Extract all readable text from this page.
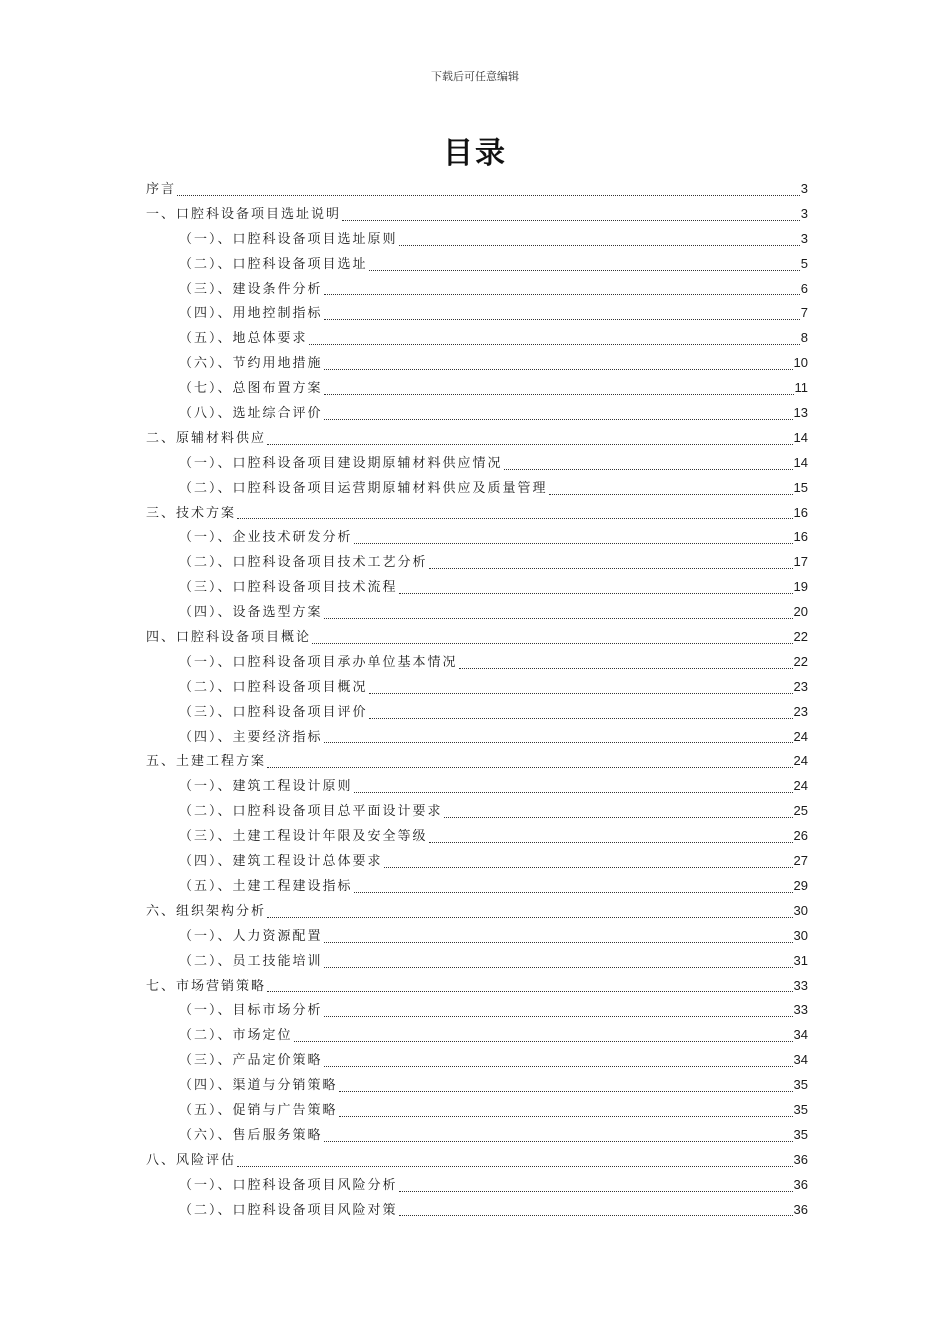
下载后可任意编辑
目录
序言	3
一、口腔科设备项目选址说明	3
（一）、口腔科设备项目选址原则	3
（二）、口腔科设备项目选址	5
（三）、建设条件分析	6
（四）、用地控制指标	7
（五）、地总体要求	8
（六）、节约用地措施	10
（七）、总图布置方案	11
（八）、选址综合评价	13
二、原辅材料供应	14
（一）、口腔科设备项目建设期原辅材料供应情况	14
（二）、口腔科设备项目运营期原辅材料供应及质量管理	15
三、技术方案	16
（一）、企业技术研发分析	16
（二）、口腔科设备项目技术工艺分析	17
（三）、口腔科设备项目技术流程	19
（四）、设备选型方案	20
四、口腔科设备项目概论	22
（一）、口腔科设备项目承办单位基本情况	22
（二）、口腔科设备项目概况	23
（三）、口腔科设备项目评价	23
（四）、主要经济指标	24
五、土建工程方案	24
（一）、建筑工程设计原则	24
（二）、口腔科设备项目总平面设计要求	25
（三）、土建工程设计年限及安全等级	26
（四）、建筑工程设计总体要求	27
（五）、土建工程建设指标	29
六、组织架构分析	30
（一）、人力资源配置	30
（二）、员工技能培训	31
七、市场营销策略	33
（一）、目标市场分析	33
（二）、市场定位	34
（三）、产品定价策略	34
（四）、渠道与分销策略	35
（五）、促销与广告策略	35
（六）、售后服务策略	35
八、风险评估	36
（一）、口腔科设备项目风险分析	36
（二）、口腔科设备项目风险对策	36
